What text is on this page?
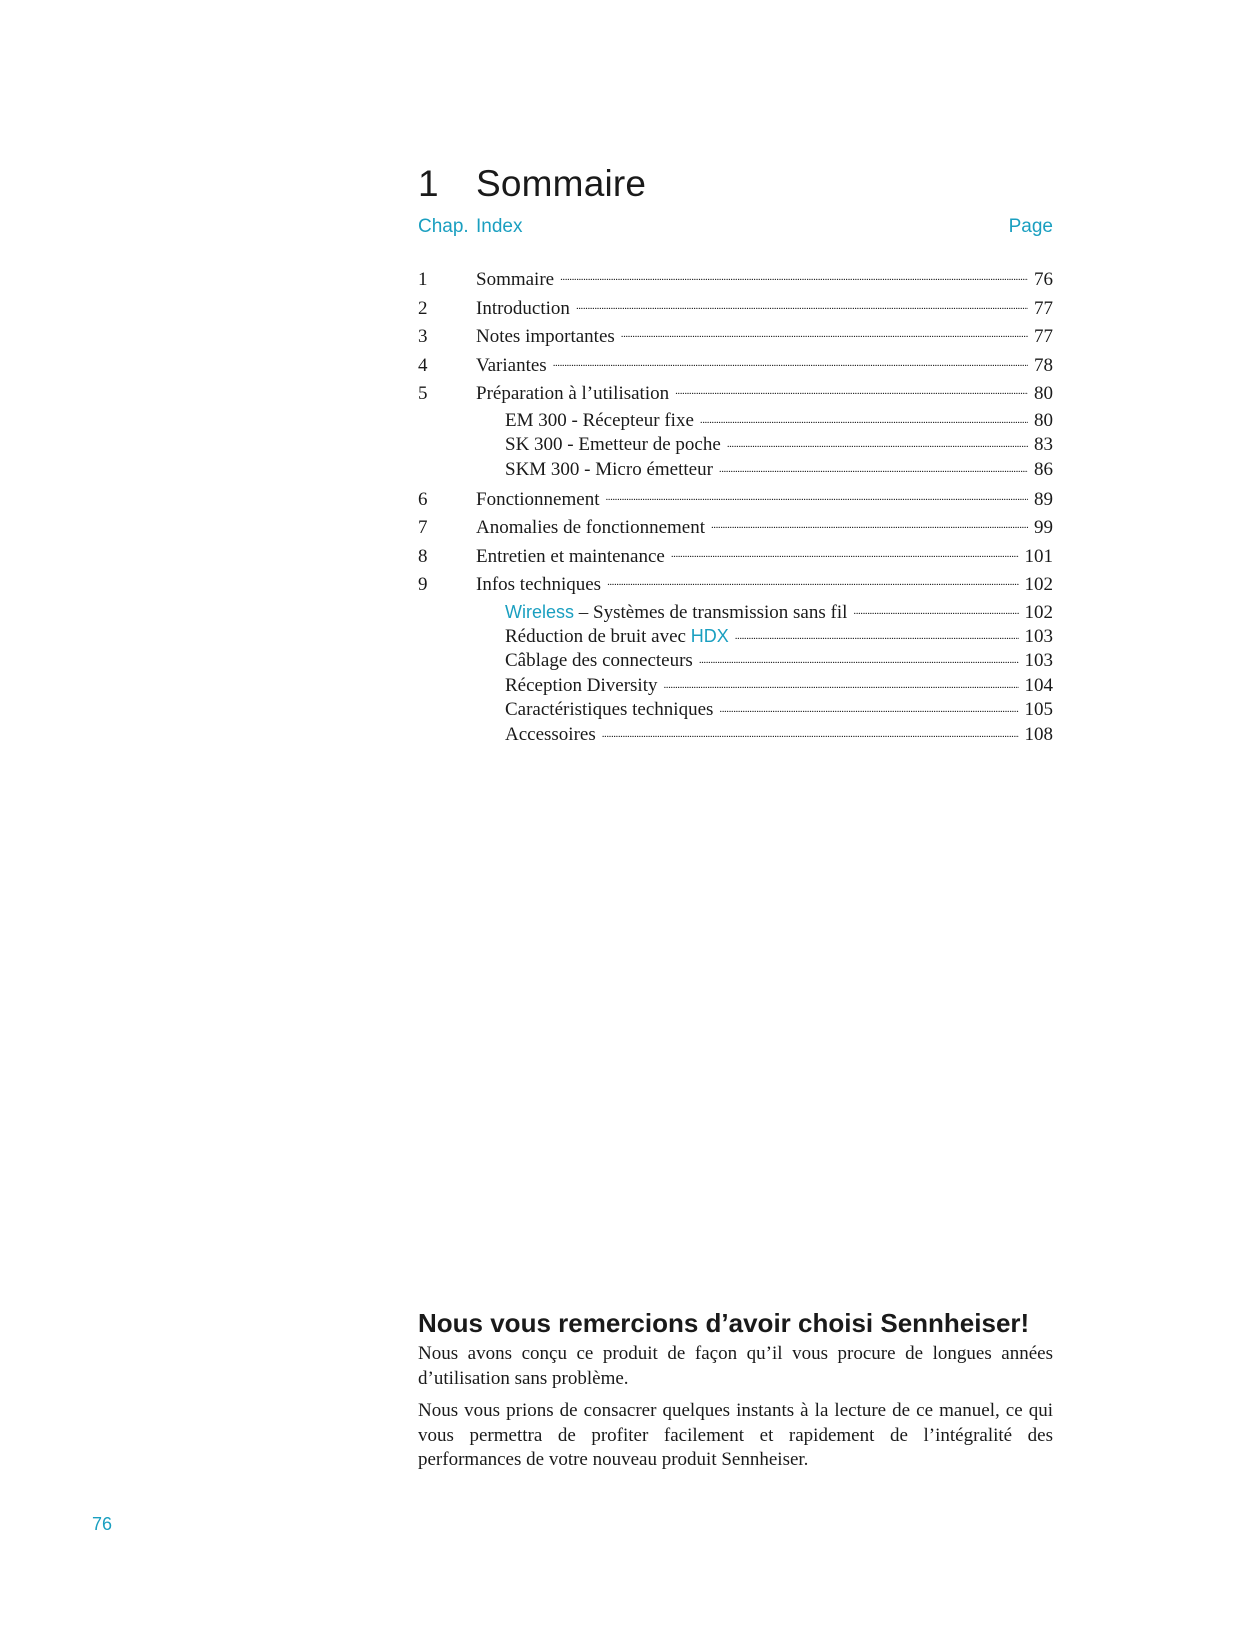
1 Sommaire
Chap. Index	Page
1	Sommaire . . .	76
2	Introduction . . .	77
3	Notes importantes . . .	77
4	Variantes . . .	78
5	Préparation à l’utilisation . . .	80
EM 300 - Récepteur fixe . . .	80
SK 300 - Emetteur de poche . . .	83
SKM 300 - Micro émetteur . . .	86
6	Fonctionnement . . .	89
7	Anomalies de fonctionnement . . .	99
8	Entretien et maintenance . . .	101
9	Infos techniques . . .	102
Wireless – Systèmes de transmission sans fil . . .	102
Réduction de bruit avec HDX . . .	103
Câblage des connecteurs . . .	103
Réception Diversity . . .	104
Caractéristiques techniques . . .	105
Accessoires . . .	108
Nous vous remercions d’avoir choisi Sennheiser!

Nous avons conçu ce produit de façon qu’il vous procure de longues années d’utilisation sans problème.

Nous vous prions de consacrer quelques instants à la lecture de ce manuel, ce qui vous permettra de profiter facilement et rapidement de l’intégralité des performances de votre nouveau produit Sennheiser.

76
